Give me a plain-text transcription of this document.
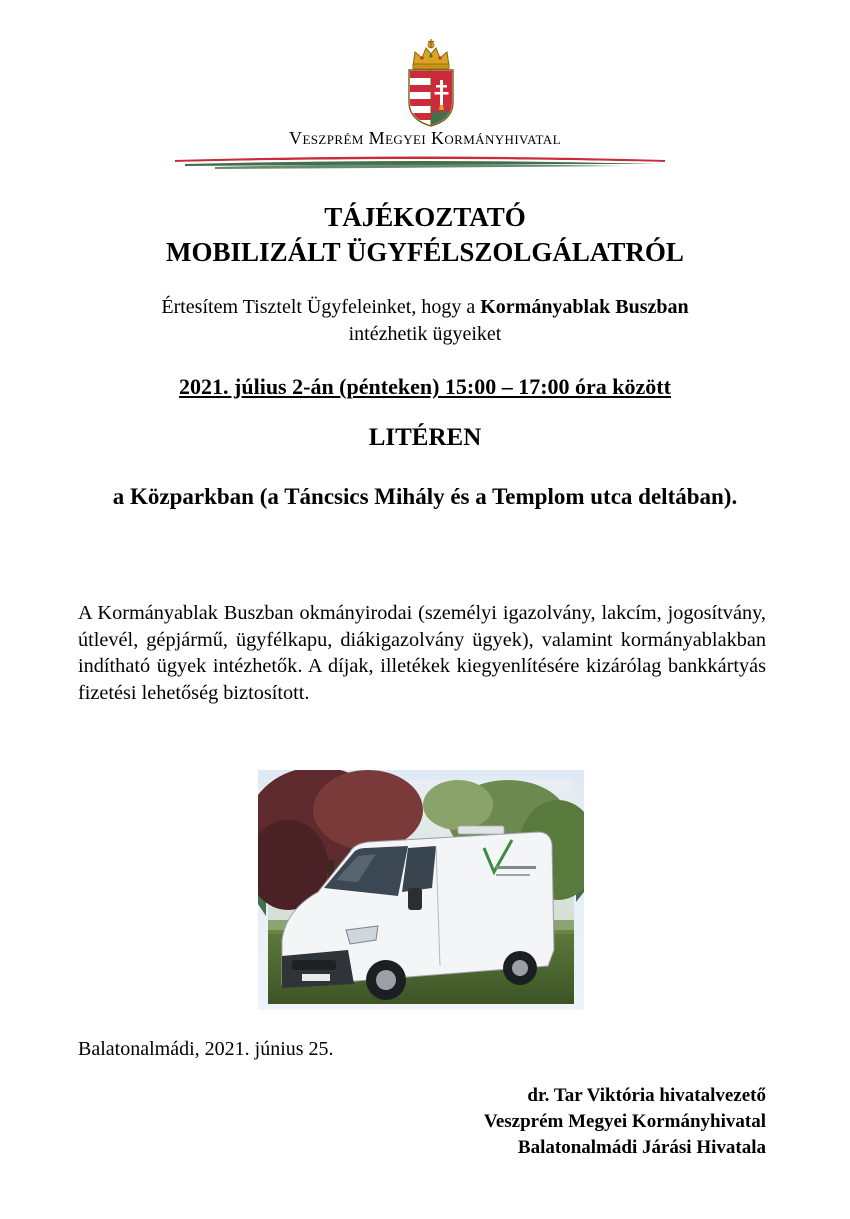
Veszprém Megyei Kormányhivatal
TÁJÉKOZTATÓ
MOBILIZÁLT ÜGYFÉLSZOLGÁLATRÓL
Értesítem Tisztelt Ügyfeleinket, hogy a Kormányablak Buszban
intézhetik ügyeiket
2021. július 2-án (pénteken) 15:00 – 17:00 óra között
LITÉREN
a Közparkban (a Táncsics Mihály és a Templom utca deltában).
A Kormányablak Buszban okmányirodai (személyi igazolvány, lakcím, jogosítvány, útlevél, gépjármű, ügyfélkapu, diákigazolvány ügyek), valamint kormányablakban indítható ügyek intézhetők. A díjak, illetékek kiegyenlítésére kizárólag bankkártyás fizetési lehetőség biztosított.
Balatonalmádi, 2021. június 25.
dr. Tar Viktória hivatalvezető
Veszprém Megyei Kormányhivatal
Balatonalmádi Járási Hivatala
